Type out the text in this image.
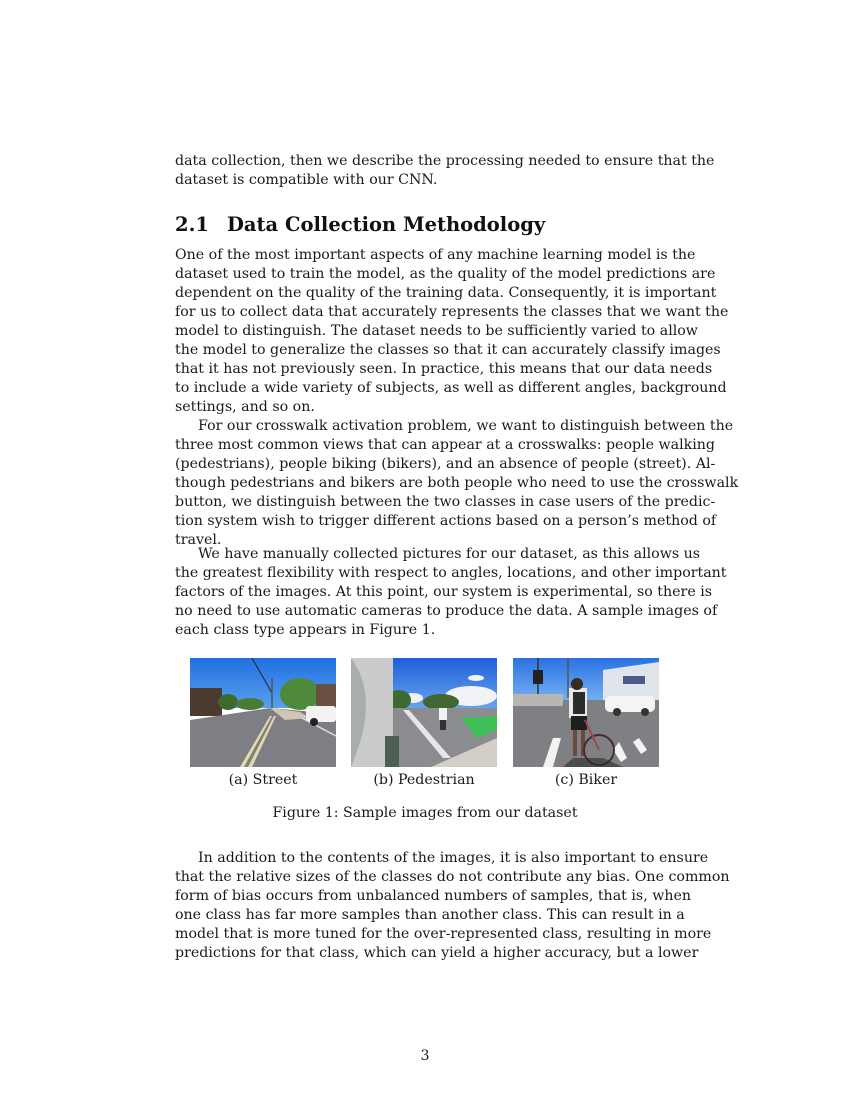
data collection, then we describe the processing needed to ensure that the
dataset is compatible with our CNN.
2.1 Data Collection Methodology
One of the most important aspects of any machine learning model is the
dataset used to train the model, as the quality of the model predictions are
dependent on the quality of the training data. Consequently, it is important
for us to collect data that accurately represents the classes that we want the
model to distinguish. The dataset needs to be sufficiently varied to allow
the model to generalize the classes so that it can accurately classify images
that it has not previously seen. In practice, this means that our data needs
to include a wide variety of subjects, as well as different angles, background
settings, and so on.
For our crosswalk activation problem, we want to distinguish between the
three most common views that can appear at a crosswalks: people walking
(pedestrians), people biking (bikers), and an absence of people (street). Al-
though pedestrians and bikers are both people who need to use the crosswalk
button, we distinguish between the two classes in case users of the predic-
tion system wish to trigger different actions based on a person’s method of
travel.
We have manually collected pictures for our dataset, as this allows us
the greatest flexibility with respect to angles, locations, and other important
factors of the images. At this point, our system is experimental, so there is
no need to use automatic cameras to produce the data. A sample images of
each class type appears in Figure 1.
(a) Street	(b) Pedestrian	(c) Biker
Figure 1: Sample images from our dataset
In addition to the contents of the images, it is also important to ensure
that the relative sizes of the classes do not contribute any bias. One common
form of bias occurs from unbalanced numbers of samples, that is, when
one class has far more samples than another class. This can result in a
model that is more tuned for the over-represented class, resulting in more
predictions for that class, which can yield a higher accuracy, but a lower
3
